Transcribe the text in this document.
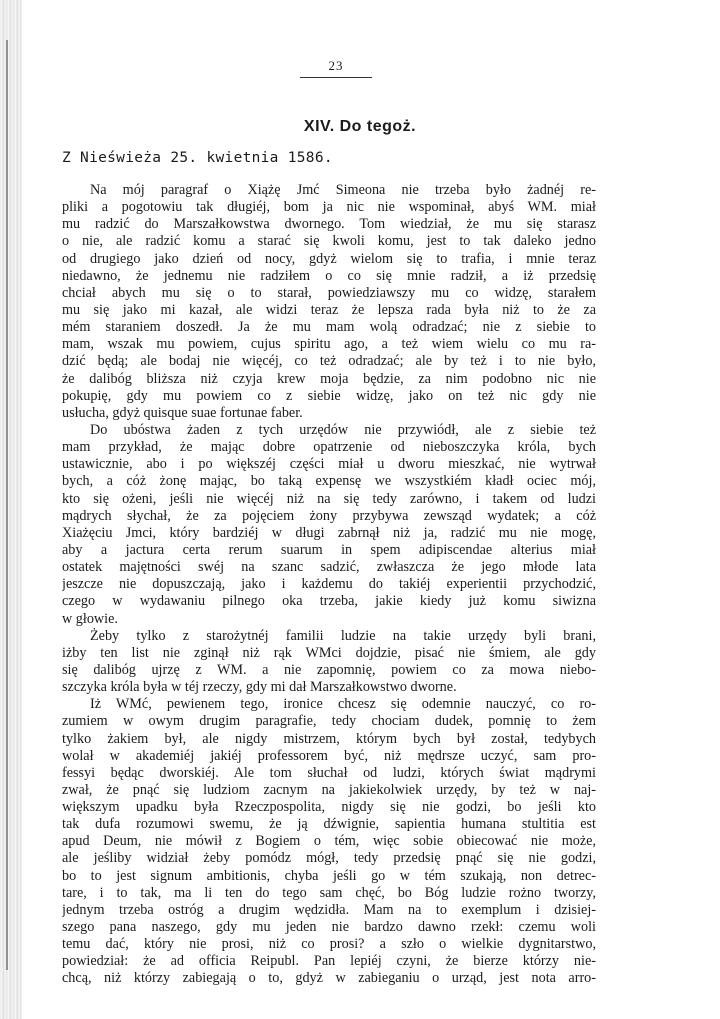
23
XIV. Do tegoż.
Z Nieświeża 25. kwietnia 1586.
Na mój paragraf o Xiążę Jmć Simeona nie trzeba było żadnéj re-
pliki a pogotowiu tak długiéj, bom ja nic nie wspominał, abyś WM. miał
mu radzić do Marszałkowstwa dwornego. Tom wiedział, że mu się starasz
o nie, ale radzić komu a starać się kwoli komu, jest to tak daleko jedno
od drugiego jako dzień od nocy, gdyż wielom się to trafia, i mnie teraz
niedawno, że jednemu nie radziłem o co się mnie radził, a iż przedsię
chciał abych mu się o to starał, powiedziawszy mu co widzę, starałem
mu się jako mi kazał, ale widzi teraz że lepsza rada była niż to że za
mém staraniem doszedł. Ja że mu mam wolą odradzać; nie z siebie to
mam, wszak mu powiem, cujus spiritu ago, a też wiem wielu co mu ra-
dzić będą; ale bodaj nie więcéj, co też odradzać; ale by też i to nie było,
że dalibóg bliższa niż czyja krew moja będzie, za nim podobno nic nie
pokupię, gdy mu powiem co z siebie widzę, jako on też nic gdy nie
usłucha, gdyż quisque suae fortunae faber.
Do ubóstwa żaden z tych urzędów nie przywiódł, ale z siebie też
mam przykład, że mając dobre opatrzenie od nieboszczyka króla, bych
ustawicznie, abo i po większéj części miał u dworu mieszkać, nie wytrwał
bych, a cóż żonę mając, bo taką expensę we wszystkiém kładł ociec mój,
kto się ożeni, jeśli nie więcéj niż na się tedy zarówno, i takem od ludzi
mądrych słychał, że za pojęciem żony przybywa zewsząd wydatek; a cóż
Xiażęciu Jmci, który bardziéj w długi zabrnął niż ja, radzić mu nie mogę,
aby a jactura certa rerum suarum in spem adipiscendae alterius miał
ostatek majętności swéj na szanc sadzić, zwłaszcza że jego młode lata
jeszcze nie dopuszczają, jako i każdemu do takiéj experientii przychodzić,
czego w wydawaniu pilnego oka trzeba, jakie kiedy już komu siwizna
w głowie.
Żeby tylko z starożytnéj familii ludzie na takie urzędy byli brani,
iżby ten list nie zginął niż rąk WMci dojdzie, pisać nie śmiem, ale gdy
się dalibóg ujrzę z WM. a nie zapomnię, powiem co za mowa niebo-
szczyka króla była w téj rzeczy, gdy mi dał Marszałkowstwo dworne.
Iż WMć, pewienem tego, ironice chcesz się odemnie nauczyć, co ro-
zumiem w owym drugim paragrafie, tedy chociam dudek, pomnię to żem
tylko żakiem był, ale nigdy mistrzem, którym bych był został, tedybych
wolał w akademiéj jakiéj professorem być, niż mędrsze uczyć, sam pro-
fessyi będąc dworskiéj. Ale tom słuchał od ludzi, których świat mądrymi
zwał, że pnąć się ludziom zacnym na jakiekolwiek urzędy, by też w naj-
większym upadku była Rzeczpospolita, nigdy się nie godzi, bo jeśli kto
tak dufa rozumowi swemu, że ją dźwignie, sapientia humana stultitia est
apud Deum, nie mówił z Bogiem o tém, więc sobie obiecować nie może,
ale jeśliby widział żeby pomódz mógł, tedy przedsię pnąć się nie godzi,
bo to jest signum ambitionis, chyba jeśli go w tém szukają, non detrec-
tare, i to tak, ma li ten do tego sam chęć, bo Bóg ludzie rożno tworzy,
jednym trzeba ostróg a drugim wędzidła. Mam na to exemplum i dzisiej-
szego pana naszego, gdy mu jeden nie bardzo dawno rzekł: czemu woli
temu dać, który nie prosi, niż co prosi? a szło o wielkie dygnitarstwo,
powiedział: że ad officia Reipubl. Pan lepiéj czyni, że bierze którzy nie-
chcą, niż którzy zabiegają o to, gdyż w zabieganiu o urząd, jest nota arro-
